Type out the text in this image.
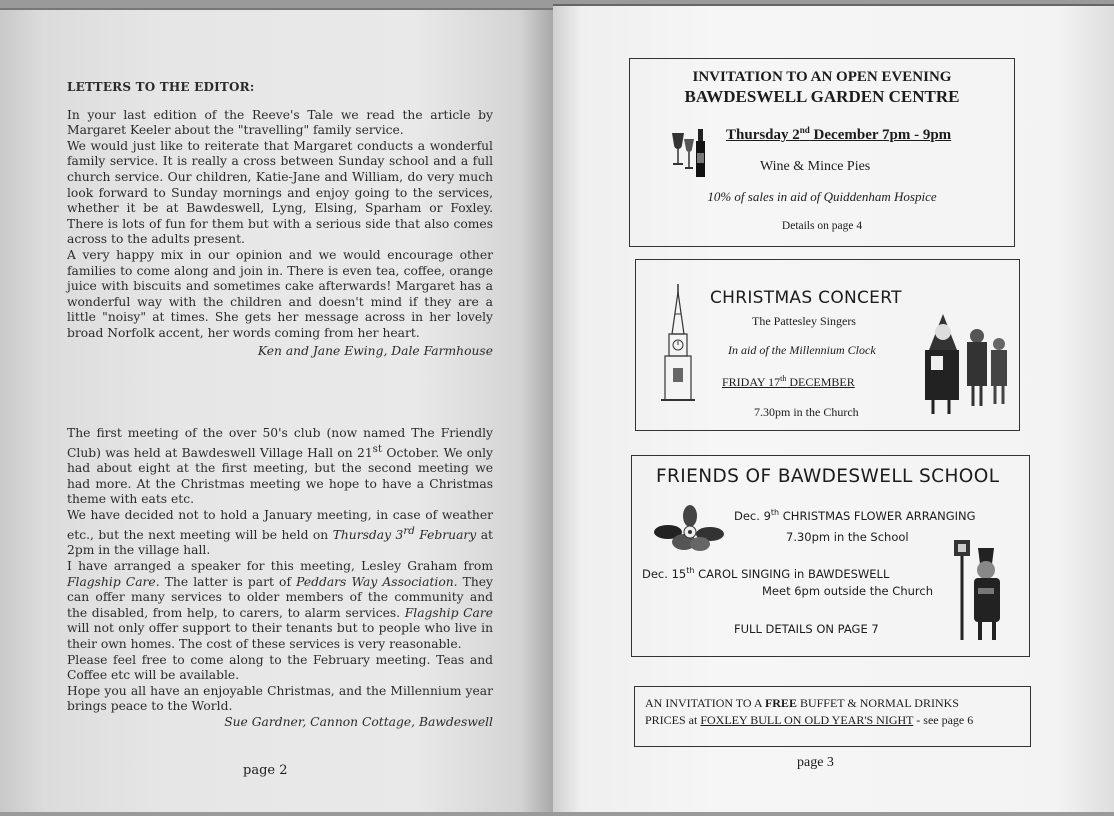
LETTERS TO THE EDITOR:

In your last edition of the Reeve's Tale we read the article by Margaret Keeler about the "travelling" family service.

We would just like to reiterate that Margaret conducts a wonderful family service. It is really a cross between Sunday school and a full church service. Our children, Katie-Jane and William, do very much look forward to Sunday mornings and enjoy going to the services, whether it be at Bawdeswell, Lyng, Elsing, Sparham or Foxley. There is lots of fun for them but with a serious side that also comes across to the adults present.

A very happy mix in our opinion and we would encourage other families to come along and join in. There is even tea, coffee, orange juice with biscuits and sometimes cake afterwards! Margaret has a wonderful way with the children and doesn't mind if they are a little "noisy" at times. She gets her message across in her lovely broad Norfolk accent, her words coming from her heart.

Ken and Jane Ewing, Dale Farmhouse

The first meeting of the over 50's club (now named The Friendly Club) was held at Bawdeswell Village Hall on 21st October. We only had about eight at the first meeting, but the second meeting we had more. At the Christmas meeting we hope to have a Christmas theme with eats etc.

We have decided not to hold a January meeting, in case of weather etc., but the next meeting will be held on Thursday 3rd February at 2pm in the village hall.

I have arranged a speaker for this meeting, Lesley Graham from Flagship Care. The latter is part of Peddars Way Association. They can offer many services to older members of the community and the disabled, from help, to carers, to alarm services. Flagship Care will not only offer support to their tenants but to people who live in their own homes. The cost of these services is very reasonable.

Please feel free to come along to the February meeting. Teas and Coffee etc will be available.

Hope you all have an enjoyable Christmas, and the Millennium year brings peace to the World.

Sue Gardner, Cannon Cottage, Bawdeswell
page 2
INVITATION TO AN OPEN EVENING
BAWDESWELL GARDEN CENTRE
Thursday 2nd December 7pm - 9pm
Wine & Mince Pies
10% of sales in aid of Quiddenham Hospice
Details on page 4
CHRISTMAS CONCERT
The Pattesley Singers
In aid of the Millennium Clock
FRIDAY 17th DECEMBER
7.30pm in the Church
FRIENDS OF BAWDESWELL SCHOOL
Dec. 9th CHRISTMAS FLOWER ARRANGING
7.30pm in the School
Dec. 15th CAROL SINGING in BAWDESWELL
Meet 6pm outside the Church
FULL DETAILS ON PAGE 7
AN INVITATION TO A FREE BUFFET & NORMAL DRINKS
PRICES at FOXLEY BULL ON OLD YEAR'S NIGHT - see page 6
page 3
